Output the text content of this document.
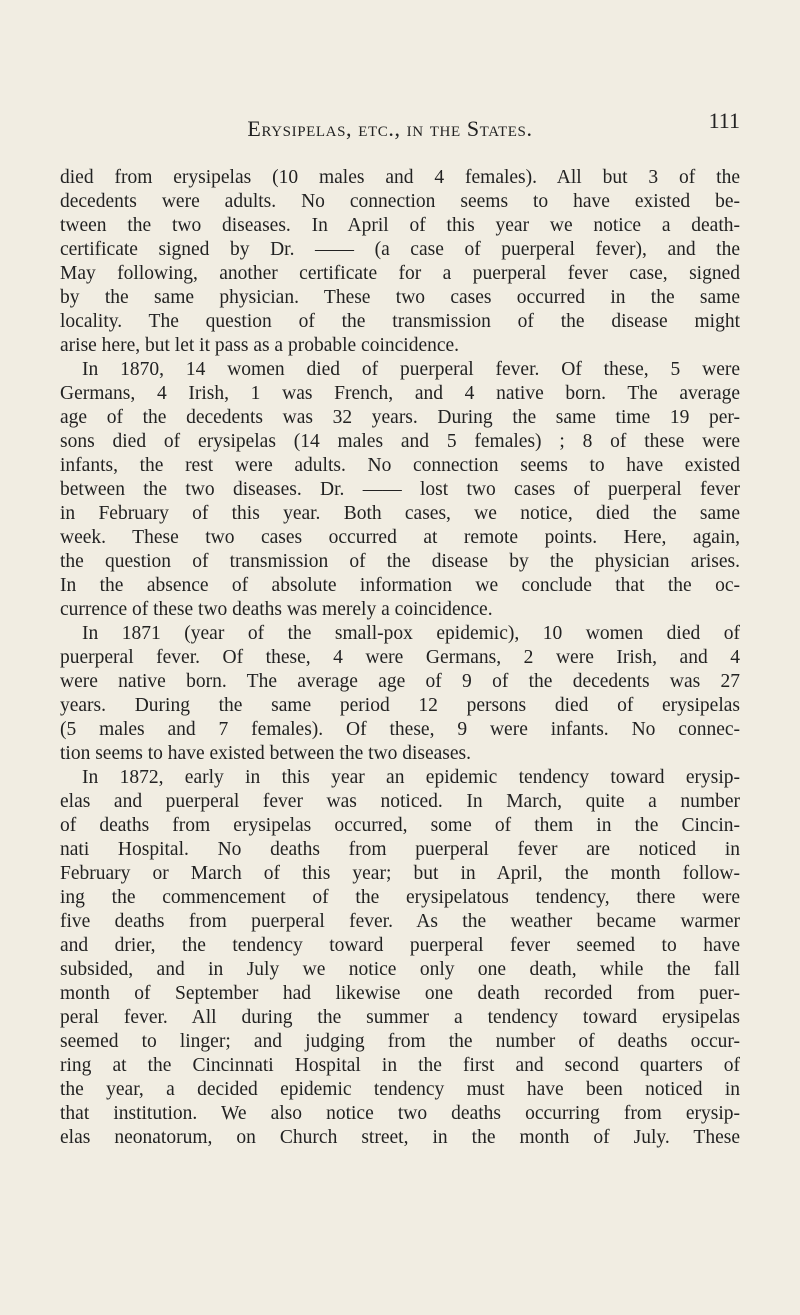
Erysipelas, etc., in the States.	111
died from erysipelas (10 males and 4 females). All but 3 of the
decedents were adults. No connection seems to have existed be-
tween the two diseases. In April of this year we notice a death-
certificate signed by Dr. —— (a case of puerperal fever), and the
May following, another certificate for a puerperal fever case, signed
by the same physician. These two cases occurred in the same
locality. The question of the transmission of the disease might
arise here, but let it pass as a probable coincidence.
In 1870, 14 women died of puerperal fever. Of these, 5 were
Germans, 4 Irish, 1 was French, and 4 native born. The average
age of the decedents was 32 years. During the same time 19 per-
sons died of erysipelas (14 males and 5 females) ; 8 of these were
infants, the rest were adults. No connection seems to have existed
between the two diseases. Dr. —— lost two cases of puerperal fever
in February of this year. Both cases, we notice, died the same
week. These two cases occurred at remote points. Here, again,
the question of transmission of the disease by the physician arises.
In the absence of absolute information we conclude that the oc-
currence of these two deaths was merely a coincidence.
In 1871 (year of the small-pox epidemic), 10 women died of
puerperal fever. Of these, 4 were Germans, 2 were Irish, and 4
were native born. The average age of 9 of the decedents was 27
years. During the same period 12 persons died of erysipelas
(5 males and 7 females). Of these, 9 were infants. No connec-
tion seems to have existed between the two diseases.
In 1872, early in this year an epidemic tendency toward erysip-
elas and puerperal fever was noticed. In March, quite a number
of deaths from erysipelas occurred, some of them in the Cincin-
nati Hospital. No deaths from puerperal fever are noticed in
February or March of this year; but in April, the month follow-
ing the commencement of the erysipelatous tendency, there were
five deaths from puerperal fever. As the weather became warmer
and drier, the tendency toward puerperal fever seemed to have
subsided, and in July we notice only one death, while the fall
month of September had likewise one death recorded from puer-
peral fever. All during the summer a tendency toward erysipelas
seemed to linger; and judging from the number of deaths occur-
ring at the Cincinnati Hospital in the first and second quarters of
the year, a decided epidemic tendency must have been noticed in
that institution. We also notice two deaths occurring from erysip-
elas neonatorum, on Church street, in the month of July. These
